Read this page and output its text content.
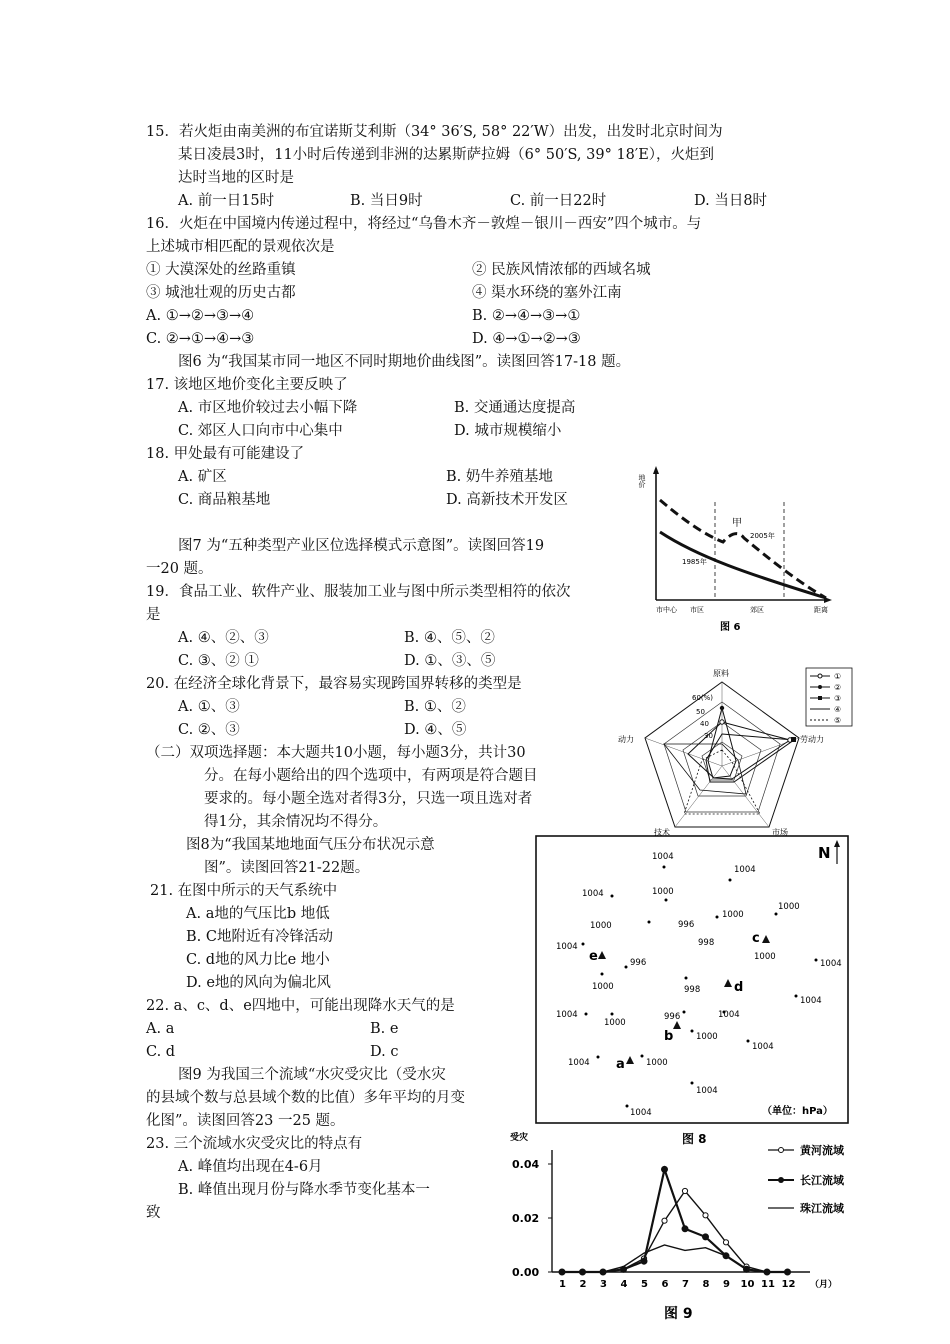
15．若火炬由南美洲的布宜诺斯艾利斯（34° 36′S, 58° 22′W）出发，出发时北京时间为
某日凌晨3时，11小时后传递到非洲的达累斯萨拉姆（6° 50′S, 39° 18′E），火炬到
达时当地的区时是
A. 前一日15时	B. 当日9时	C. 前一日22时	D. 当日8时
16．火炬在中国境内传递过程中，将经过“乌鲁木齐－敦煌－银川－西安”四个城市。与
上述城市相匹配的景观依次是
① 大漠深处的丝路重镇	② 民族风情浓郁的西域名城
③ 城池壮观的历史古都	④ 渠水环绕的塞外江南
A. ①→②→③→④	B. ②→④→③→①
C. ②→①→④→③	D. ④→①→②→③
图6 为“我国某市同一地区不同时期地价曲线图”。读图回答17-18 题。
17. 该地区地价变化主要反映了
A. 市区地价较过去小幅下降	B. 交通通达度提高
C. 郊区人口向市中心集中	D. 城市规模缩小
18. 甲处最有可能建设了
A. 矿区	B. 奶牛养殖基地
C. 商品粮基地	D. 高新技术开发区
图7 为“五种类型产业区位选择模式示意图”。读图回答19
一20 题。
19．食品工业、软件产业、服装加工业与图中所示类型相符的依次
是
A. ④、②、③	B. ④、⑤、②
C. ③、② ①	D. ①、③、⑤
20. 在经济全球化背景下，最容易实现跨国界转移的类型是
A. ①、③	B. ①、②
C. ②、③	D. ④、⑤
（二）双项选择题：本大题共10小题，每小题3分，共计30
分。在每小题给出的四个选项中，有两项是符合题目
要求的。每小题全选对者得3分，只选一项且选对者
得1分，其余情况均不得分。
图8为“我国某地地面气压分布状况示意
图”。读图回答21-22题。
21. 在图中所示的天气系统中
A. a地的气压比b 地低
B. C地附近有冷锋活动
C. d地的风力比e 地小
D. e地的风向为偏北风
22. a、c、d、e四地中，可能出现降水天气的是
A. a	B. e
C. d	D. c
图9 为我国三个流域“水灾受灾比（受水灾
的县域个数与总县域个数的比值）多年平均的月变
化图”。读图回答23 一25 题。
23. 三个流域水灾受灾比的特点有
A. 峰值均出现在4-6月
B. 峰值出现月份与降水季节变化基本一
致
地价
甲
2005年
1985年
市中心 市区	郊区	距离
图 6
原料
劳动力
市场
技术
动力
60(%)
50
40
30
①
②
③
④
⑤
N
（单位：hPa）
图 8
1004
1004
1004	1000
1000
1000	996
1000
998
1004
1004
996
998
1000
1000
1004
996
1004
1000
1004
1000
1004
1004	1000
1004
1004
a
b
c
d
e
受灾
0.04
0.02
0.00
1 2 3 4 5 6 7 8 9 10 11 12 （月）
图 9
黄河流域
长江流域
珠江流域
